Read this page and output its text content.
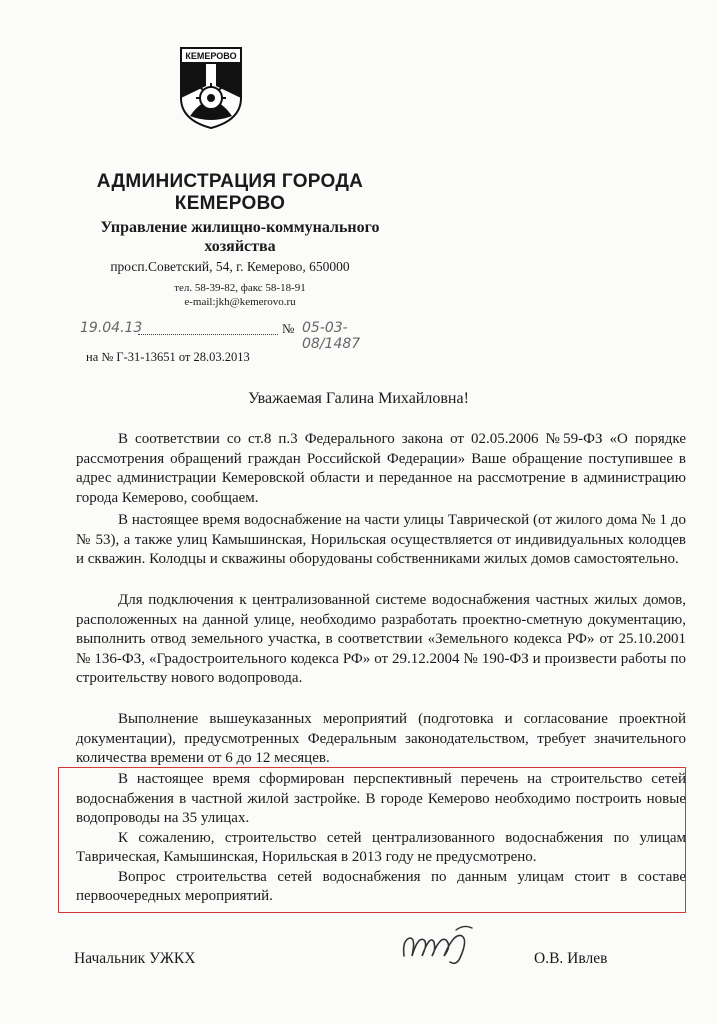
КЕМЕРОВО
АДМИНИСТРАЦИЯ ГОРОДА
КЕМЕРОВО
Управление жилищно-коммунального
хозяйства
просп.Советский, 54, г. Кемерово, 650000
тел. 58-39-82, факс 58-18-91
e-mail:jkh@kemerovo.ru
19.04.13	№ 05-03-08/1487
на № Г-31-13651 от 28.03.2013
Уважаемая Галина Михайловна!

В соответствии со ст.8 п.3 Федерального закона от 02.05.2006 №59-ФЗ «О порядке рассмотрения обращений граждан Российской Федерации» Ваше обращение поступившее в адрес администрации Кемеровской области и переданное на рассмотрение в администрацию города Кемерово, сообщаем.

В настоящее время водоснабжение на части улицы Таврической (от жилого дома № 1 до № 53), а также улиц Камышинская, Норильская осуществляется от индивидуальных колодцев и скважин. Колодцы и скважины оборудованы собственниками жилых домов самостоятельно.

Для подключения к централизованной системе водоснабжения частных жилых домов, расположенных на данной улице, необходимо разработать проектно-сметную документацию, выполнить отвод земельного участка, в соответствии «Земельного кодекса РФ» от 25.10.2001 № 136-ФЗ, «Градостроительного кодекса РФ» от 29.12.2004 № 190-ФЗ и произвести работы по строительству нового водопровода.

Выполнение вышеуказанных мероприятий (подготовка и согласование проектной документации), предусмотренных Федеральным законодательством, требует значительного количества времени от 6 до 12 месяцев.

В настоящее время сформирован перспективный перечень на строительство сетей водоснабжения в частной жилой застройке. В городе Кемерово необходимо построить новые водопроводы на 35 улицах.

К сожалению, строительство сетей централизованного водоснабжения по улицам Таврическая, Камышинская, Норильская в 2013 году не предусмотрено.

Вопрос строительства сетей водоснабжения по данным улицам стоит в составе первоочередных мероприятий.

Начальник УЖКХ	О.В. Ивлев
